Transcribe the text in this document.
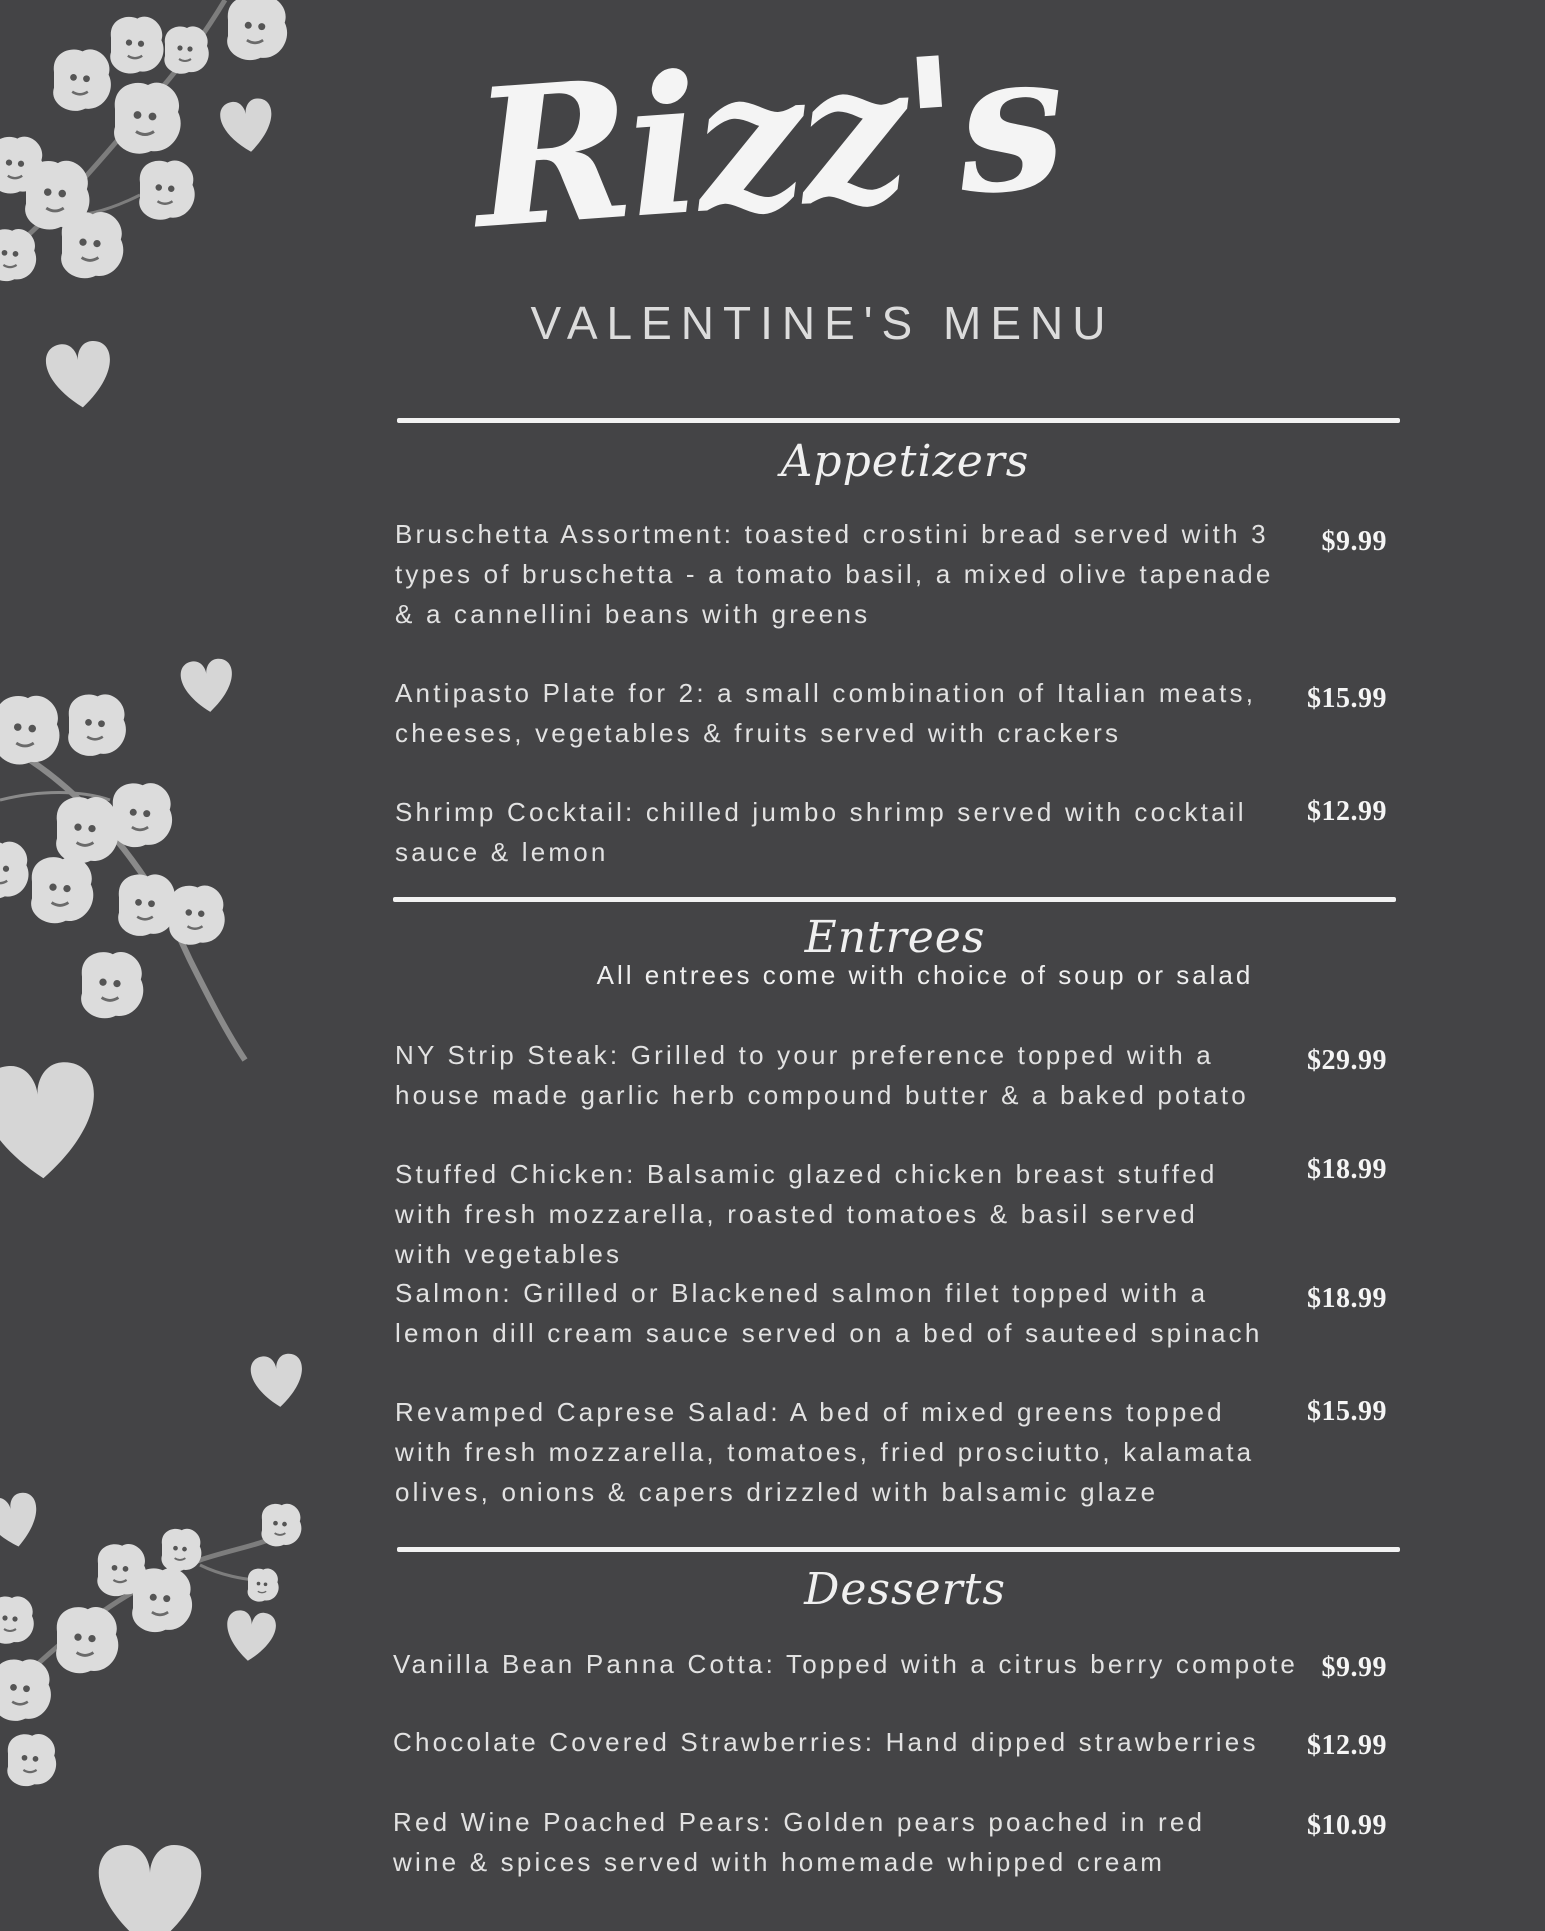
Rizz's
VALENTINE'S MENU
Appetizers
Bruschetta Assortment: toasted crostini bread served with 3 types of bruschetta - a tomato basil, a mixed olive tapenade & a cannellini beans with greens
$9.99
Antipasto Plate for 2: a small combination of Italian meats, cheeses, vegetables & fruits served with crackers
$15.99
Shrimp Cocktail: chilled jumbo shrimp served with cocktail sauce & lemon
$12.99
Entrees
All entrees come with choice of soup or salad
NY Strip Steak: Grilled to your preference topped with a house made garlic herb compound butter & a baked potato
$29.99
Stuffed Chicken: Balsamic glazed chicken breast stuffed with fresh mozzarella, roasted tomatoes & basil served with vegetables
$18.99
Salmon: Grilled or Blackened salmon filet topped with a lemon dill cream sauce served on a bed of sauteed spinach
$18.99
Revamped Caprese Salad: A bed of mixed greens topped with fresh mozzarella, tomatoes, fried prosciutto, kalamata olives, onions & capers drizzled with balsamic glaze
$15.99
Desserts
Vanilla Bean Panna Cotta: Topped with a citrus berry compote $9.99
Chocolate Covered Strawberries: Hand dipped strawberries	$12.99
Red Wine Poached Pears: Golden pears poached in red wine & spices served with homemade whipped cream
$10.99
